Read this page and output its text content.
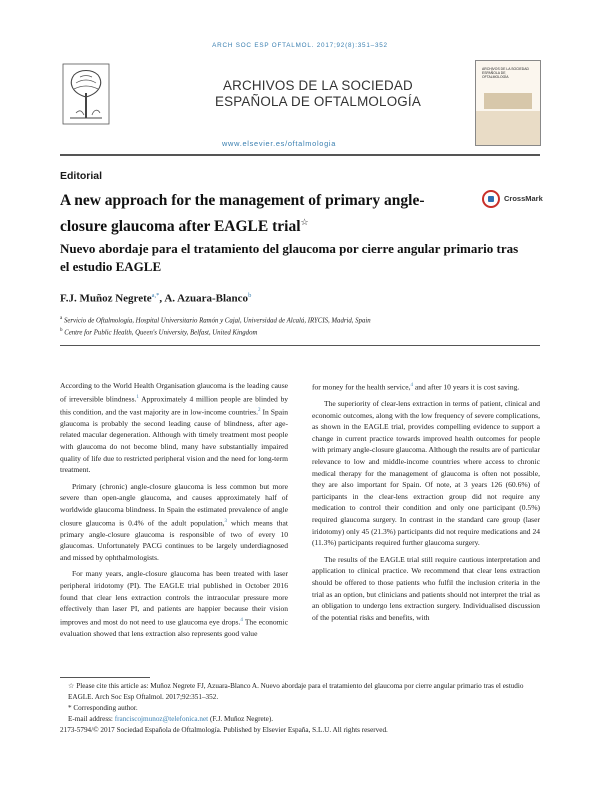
ARCH SOC ESP OFTALMOL. 2017;92(8):351–352
ARCHIVOS DE LA SOCIEDAD
ESPAÑOLA DE OFTALMOLOGÍA
ARCHIVOS DE LA SOCIEDAD ESPAÑOLA DE OFTALMOLOGÍA
www.elsevier.es/oftalmologia
Editorial
A new approach for the management of primary angle-closure glaucoma after EAGLE trial☆
CrossMark
Nuevo abordaje para el tratamiento del glaucoma por cierre angular primario tras el estudio EAGLE
F.J. Muñoz Negrete$^{a,*}$, A. Azuara-Blanco$^b$
$^a$ Servicio de Oftalmología, Hospital Universitario Ramón y Cajal, Universidad de Alcalá, IRYCIS, Madrid, Spain
$^b$ Centre for Public Health, Queen's University, Belfast, United Kingdom

According to the World Health Organisation glaucoma is the leading cause of irreversible blindness.$^1$ Approximately 4 million people are blinded by this condition, and the vast majority are in low-income countries.$^2$ In Spain glaucoma is probably the second leading cause of blindness, after age-related macular degeneration. Although with timely treatment most people with glaucoma do not become blind, many have substantially impaired quality of life due to restricted peripheral vision and the need for long-term treatment.

Primary (chronic) angle-closure glaucoma is less common but more severe than open-angle glaucoma, and causes approximately half of worldwide glaucoma blindness. In Spain the estimated prevalence of angle closure glaucoma is 0.4% of the adult population,$^3$ which means that primary angle-closure glaucoma is responsible of two of every 10 glaucomas. Unfortunately PACG continues to be largely underdiagnosed and missed by ophthalmologists.

For many years, angle-closure glaucoma has been treated with laser peripheral iridotomy (PI). The EAGLE trial published in October 2016 found that clear lens extraction controls the intraocular pressure more effectively than laser PI, and patients are happier because their vision improves and most do not need to use glaucoma eye drops.$^4$ The economic evaluation showed that lens extraction also represents good value

for money for the health service,$^4$ and after 10 years it is cost saving.

The superiority of clear-lens extraction in terms of patient, clinical and economic outcomes, along with the low frequency of severe complications, as shown in the EAGLE trial, provides compelling evidence to support a change in current practice towards improved health outcomes for people with primary angle-closure glaucoma. Although the results are of particular relevance to low and middle-income countries where access to chronic medical therapy for the management of glaucoma is often not possible, they are also important for Spain. Of note, at 3 years 126 (60.6%) of participants in the clear-lens extraction group did not require any medication to control their condition and only one participant (0.5%) required glaucoma surgery. In contrast in the standard care group (laser iridotomy) only 45 (21.3%) participants did not require medications and 24 (11.3%) participants required further glaucoma surgery.

The results of the EAGLE trial still require cautious interpretation and application to clinical practice. We recommend that clear lens extraction should be offered to those patients who fulfil the inclusion criteria in the trial as an option, but clinicians and patients should not interpret the trial as an obligation to undergo lens extraction surgery. Individualised discussion of the potential risks and benefits, with

☆ Please cite this article as: Muñoz Negrete FJ, Azuara-Blanco A. Nuevo abordaje para el tratamiento del glaucoma por cierre angular primario tras el estudio EAGLE. Arch Soc Esp Oftalmol. 2017;92:351–352.
* Corresponding author.
E-mail address: franciscojmunoz@telefonica.net (F.J. Muñoz Negrete).
2173-5794/© 2017 Sociedad Española de Oftalmología. Published by Elsevier España, S.L.U. All rights reserved.
